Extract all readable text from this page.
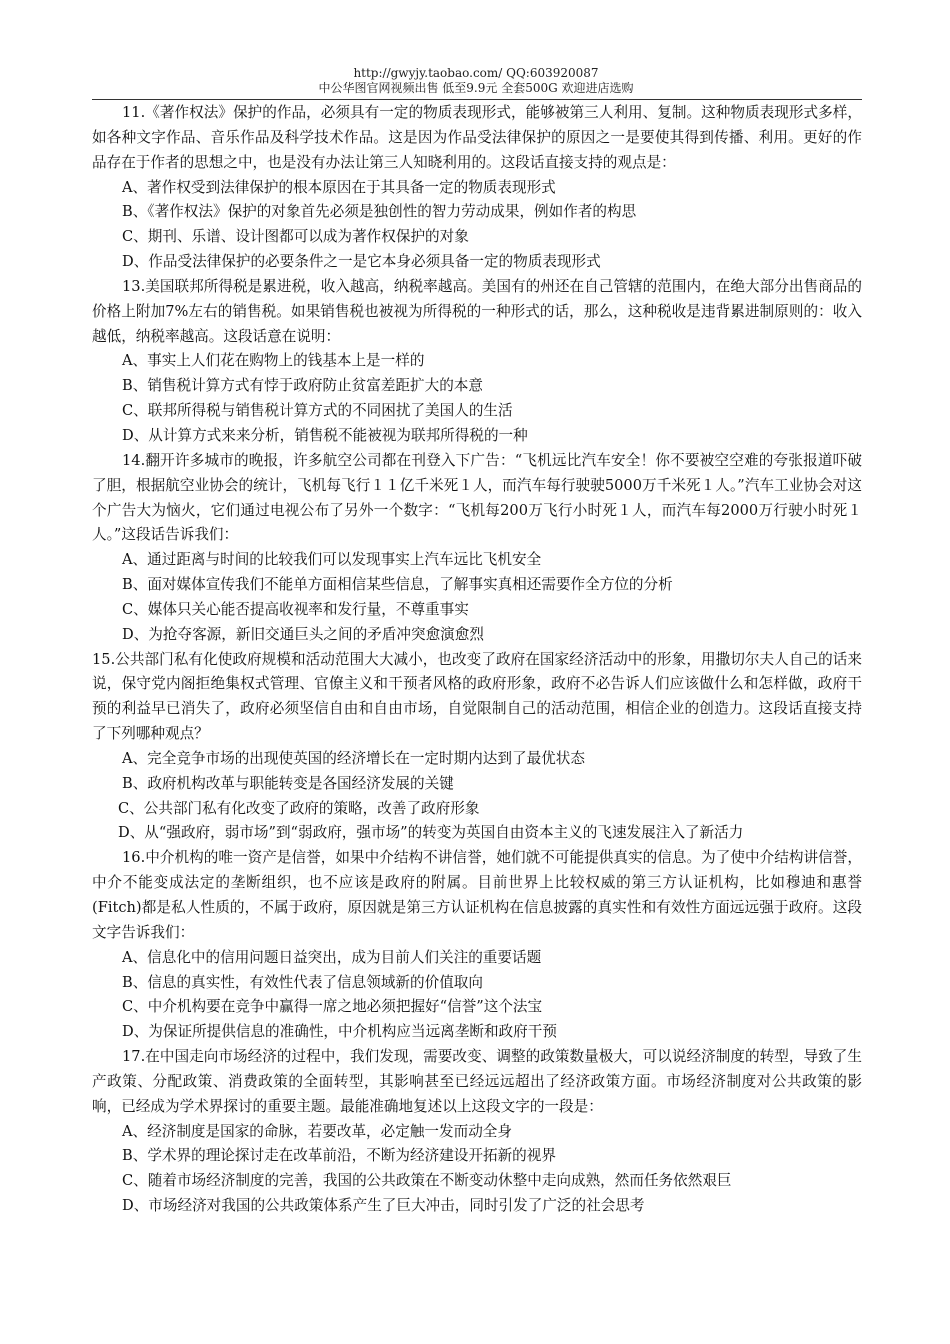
http://gwyjy.taobao.com/ QQ:603920087
中公华图官网视频出售 低至9.9元 全套500G 欢迎进店选购

11.《著作权法》保护的作品，必须具有一定的物质表现形式，能够被第三人利用、复制。这种物质表现形式多样，如各种文字作品、音乐作品及科学技术作品。这是因为作品受法律保护的原因之一是要使其得到传播、利用。更好的作品存在于作者的思想之中，也是没有办法让第三人知晓利用的。这段话直接支持的观点是：

A、著作权受到法律保护的根本原因在于其具备一定的物质表现形式

B、《著作权法》保护的对象首先必须是独创性的智力劳动成果，例如作者的构思

C、期刊、乐谱、设计图都可以成为著作权保护的对象

D、作品受法律保护的必要条件之一是它本身必须具备一定的物质表现形式

13.美国联邦所得税是累进税，收入越高，纳税率越高。美国有的州还在自己管辖的范围内，在绝大部分出售商品的价格上附加7%左右的销售税。如果销售税也被视为所得税的一种形式的话，那么，这种税收是违背累进制原则的：收入越低，纳税率越高。这段话意在说明：

A、事实上人们花在购物上的钱基本上是一样的

B、销售税计算方式有悖于政府防止贫富差距扩大的本意

C、联邦所得税与销售税计算方式的不同困扰了美国人的生活

D、从计算方式来来分析，销售税不能被视为联邦所得税的一种

14.翻开许多城市的晚报，许多航空公司都在刊登入下广告：“飞机远比汽车安全！你不要被空空难的夸张报道吓破了胆，根据航空业协会的统计，飞机每飞行１１亿千米死１人，而汽车每行驶驶5000万千米死１人。”汽车工业协会对这个广告大为恼火，它们通过电视公布了另外一个数字：“飞机每200万飞行小时死１人，而汽车每2000万行驶小时死１人。”这段话告诉我们：

A、通过距离与时间的比较我们可以发现事实上汽车远比飞机安全

B、面对媒体宣传我们不能单方面相信某些信息，了解事实真相还需要作全方位的分析

C、媒体只关心能否提高收视率和发行量，不尊重事实

D、为抢夺客源，新旧交通巨头之间的矛盾冲突愈演愈烈

15.公共部门私有化使政府规模和活动范围大大减小，也改变了政府在国家经济活动中的形象，用撒切尔夫人自己的话来说，保守党内阁拒绝集权式管理、官僚主义和干预者风格的政府形象，政府不必告诉人们应该做什么和怎样做，政府干预的利益早已消失了，政府必须坚信自由和自由市场，自觉限制自己的活动范围，相信企业的创造力。这段话直接支持了下列哪种观点？

A、完全竞争市场的出现使英国的经济增长在一定时期内达到了最优状态

B、政府机构改革与职能转变是各国经济发展的关键

C、公共部门私有化改变了政府的策略，改善了政府形象

D、从“强政府，弱市场”到“弱政府，强市场”的转变为英国自由资本主义的飞速发展注入了新活力

16.中介机构的唯一资产是信誉，如果中介结构不讲信誉，她们就不可能提供真实的信息。为了使中介结构讲信誉，中介不能变成法定的垄断组织，也不应该是政府的附属。目前世界上比较权威的第三方认证机构，比如穆迪和惠誉(Fitch)都是私人性质的，不属于政府，原因就是第三方认证机构在信息披露的真实性和有效性方面远远强于政府。这段文字告诉我们：

A、信息化中的信用问题日益突出，成为目前人们关注的重要话题

B、信息的真实性，有效性代表了信息领域新的价值取向

C、中介机构要在竞争中赢得一席之地必须把握好“信誉”这个法宝

D、为保证所提供信息的准确性，中介机构应当远离垄断和政府干预

17.在中国走向市场经济的过程中，我们发现，需要改变、调整的政策数量极大，可以说经济制度的转型，导致了生产政策、分配政策、消费政策的全面转型，其影响甚至已经远远超出了经济政策方面。市场经济制度对公共政策的影响，已经成为学术界探讨的重要主题。最能准确地复述以上这段文字的一段是：

A、经济制度是国家的命脉，若要改革，必定触一发而动全身

B、学术界的理论探讨走在改革前沿，不断为经济建设开拓新的视界

C、随着市场经济制度的完善，我国的公共政策在不断变动休整中走向成熟，然而任务依然艰巨

D、市场经济对我国的公共政策体系产生了巨大冲击，同时引发了广泛的社会思考
